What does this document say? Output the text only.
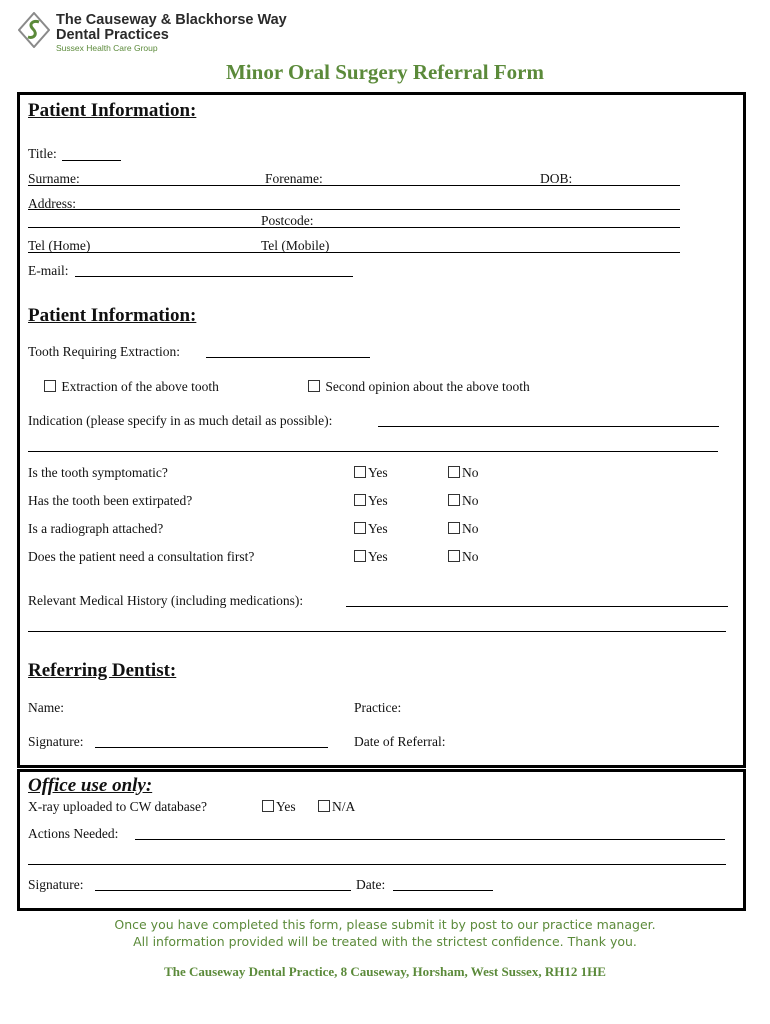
The Causeway & Blackhorse Way
Dental Practices
Sussex Health Care Group
Minor Oral Surgery Referral Form
Patient Information:
Title:
Surname:	Forename:	DOB:
Address:
Postcode:
Tel (Home)	Tel (Mobile)
E-mail:
Patient Information:
Tooth Requiring Extraction:
Extraction of the above tooth	Second opinion about the above tooth
Indication (please specify in as much detail as possible):
Is the tooth symptomatic?	Yes	No
Has the tooth been extirpated?	Yes	No
Is a radiograph attached?	Yes	No
Does the patient need a consultation first?	Yes	No
Relevant Medical History (including medications):
Referring Dentist:
Name:	Practice:
Signature:	Date of Referral:
Office use only:
X-ray uploaded to CW database?	Yes	N/A
Actions Needed:
Signature:	Date:
Once you have completed this form, please submit it by post to our practice manager.
All information provided will be treated with the strictest confidence. Thank you.
The Causeway Dental Practice, 8 Causeway, Horsham, West Sussex, RH12 1HE
